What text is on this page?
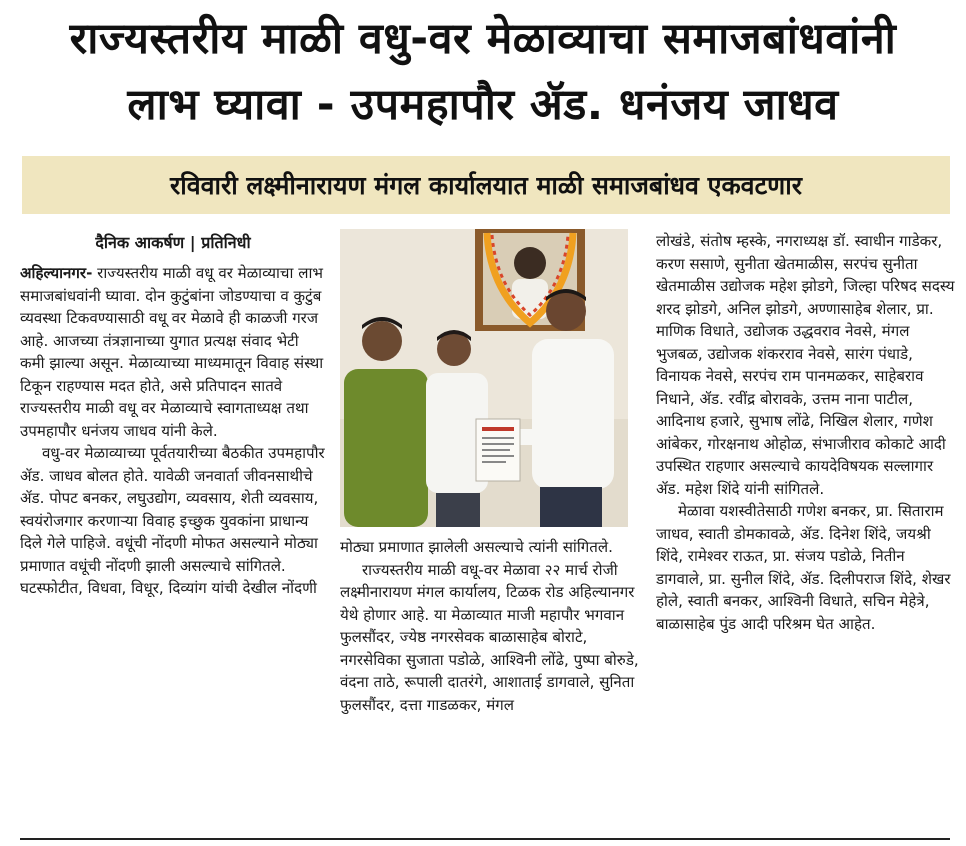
राज्यस्तरीय माळी वधु-वर मेळाव्याचा समाजबांधवांनी
लाभ घ्यावा - उपमहापौर ॲड. धनंजय जाधव
रविवारी लक्ष्मीनारायण मंगल कार्यालयात माळी समाजबांधव एकवटणार

दैनिक आकर्षण | प्रतिनिधी

अहिल्यानगर- राज्यस्तरीय माळी वधू वर मेळाव्याचा लाभ समाजबांधवांनी घ्यावा. दोन कुटुंबांना जोडण्याचा व कुटुंब व्यवस्था टिकवण्यासाठी वधू वर मेळावे ही काळजी गरज आहे. आजच्या तंत्रज्ञानाच्या युगात प्रत्यक्ष संवाद भेटी कमी झाल्या असून. मेळाव्याच्या माध्यमातून विवाह संस्था टिकून राहण्यास मदत होते, असे प्रतिपादन सातवे राज्यस्तरीय माळी वधू वर मेळाव्याचे स्वागताध्यक्ष तथा उपमहापौर धनंजय जाधव यांनी केले.

वधु-वर मेळाव्याच्या पूर्वतयारीच्या बैठकीत उपमहापौर ॲड. जाधव बोलत होते. यावेळी जनवार्ता जीवनसाथीचे ॲड. पोपट बनकर, लघुउद्योग, व्यवसाय, शेती व्यवसाय, स्वयंरोजगार करणाऱ्या विवाह इच्छुक युवकांना प्राधान्य दिले गेले पाहिजे. वधूंची नोंदणी मोफत असल्याने मोठ्या प्रमाणात वधूंची नोंदणी झाली असल्याचे सांगितले. घटस्फोटीत, विधवा, विधूर, दिव्यांग यांची देखील नोंदणी

मोठ्या प्रमाणात झालेली असल्याचे त्यांनी सांगितले.

राज्यस्तरीय माळी वधू-वर मेळावा २२ मार्च रोजी लक्ष्मीनारायण मंगल कार्यालय, टिळक रोड अहिल्यानगर येथे होणार आहे. या मेळाव्यात माजी महापौर भगवान फुलसौंदर, ज्येष्ठ नगरसेवक बाळासाहेब बोराटे, नगरसेविका सुजाता पडोळे, आश्विनी लोंढे, पुष्पा बोरुडे, वंदना ताठे, रूपाली दातरंगे, आशाताई डागवाले, सुनिता फुलसौंदर, दत्ता गाडळकर, मंगल

लोखंडे, संतोष म्हस्के, नगराध्यक्ष डॉ. स्वाधीन गाडेकर, करण ससाणे, सुनीता खेतमाळीस, सरपंच सुनीता खेतमाळीस उद्योजक महेश झोडगे, जिल्हा परिषद सदस्य शरद झोडगे, अनिल झोडगे, अण्णासाहेब शेलार, प्रा. माणिक विधाते, उद्योजक उद्धवराव नेवसे, मंगल भुजबळ, उद्योजक शंकरराव नेवसे, सारंग पंधाडे, विनायक नेवसे, सरपंच राम पानमळकर, साहेबराव निधाने, ॲड. रवींद्र बोरावके, उत्तम नाना पाटील, आदिनाथ हजारे, सुभाष लोंढे, निखिल शेलार, गणेश आंबेकर, गोरक्षनाथ ओहोळ, संभाजीराव कोकाटे आदी उपस्थित राहणार असल्याचे कायदेविषयक सल्लागार ॲड. महेश शिंदे यांनी सांगितले.

मेळावा यशस्वीतेसाठी गणेश बनकर, प्रा. सिताराम जाधव, स्वाती डोमकावळे, ॲड. दिनेश शिंदे, जयश्री शिंदे, रामेश्वर राऊत, प्रा. संजय पडोळे, नितीन डागवाले, प्रा. सुनील शिंदे, ॲड. दिलीपराज शिंदे, शेखर होले, स्वाती बनकर, आश्विनी विधाते, सचिन मेहेत्रे, बाळासाहेब पुंड आदी परिश्रम घेत आहेत.
